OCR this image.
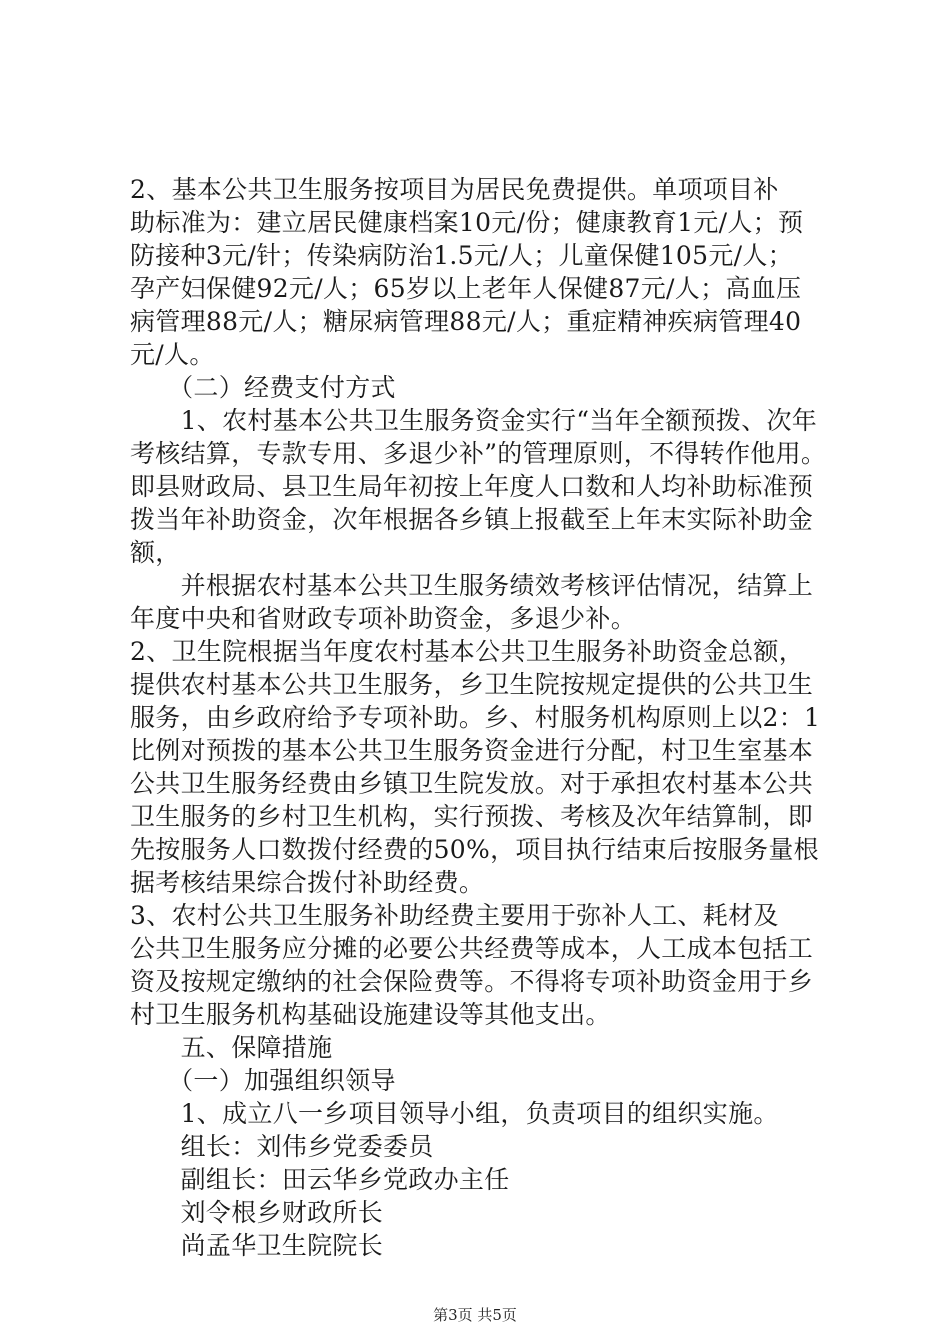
2、基本公共卫生服务按项目为居民免费提供。单项项目补
助标准为：建立居民健康档案10元/份；健康教育1元/人；预
防接种3元/针；传染病防治1.5元/人；儿童保健105元/人；
孕产妇保健92元/人；65岁以上老年人保健87元/人；高血压
病管理88元/人；糖尿病管理88元/人；重症精神疾病管理40
元/人。
　　（二）经费支付方式
　　1、农村基本公共卫生服务资金实行“当年全额预拨、次年
考核结算，专款专用、多退少补”的管理原则，不得转作他用。
即县财政局、县卫生局年初按上年度人口数和人均补助标准预
拨当年补助资金，次年根据各乡镇上报截至上年末实际补助金
额，
　　并根据农村基本公共卫生服务绩效考核评估情况，结算上
年度中央和省财政专项补助资金，多退少补。
2、卫生院根据当年度农村基本公共卫生服务补助资金总额，
提供农村基本公共卫生服务，乡卫生院按规定提供的公共卫生
服务，由乡政府给予专项补助。乡、村服务机构原则上以2：1
比例对预拨的基本公共卫生服务资金进行分配，村卫生室基本
公共卫生服务经费由乡镇卫生院发放。对于承担农村基本公共
卫生服务的乡村卫生机构，实行预拨、考核及次年结算制，即
先按服务人口数拨付经费的50%，项目执行结束后按服务量根
据考核结果综合拨付补助经费。
3、农村公共卫生服务补助经费主要用于弥补人工、耗材及
公共卫生服务应分摊的必要公共经费等成本，人工成本包括工
资及按规定缴纳的社会保险费等。不得将专项补助资金用于乡
村卫生服务机构基础设施建设等其他支出。
　　五、保障措施
　　（一）加强组织领导
　　1、成立八一乡项目领导小组，负责项目的组织实施。
　　组长：刘伟乡党委委员
　　副组长：田云华乡党政办主任
　　刘令根乡财政所长
　　尚孟华卫生院院长
第3页 共5页
